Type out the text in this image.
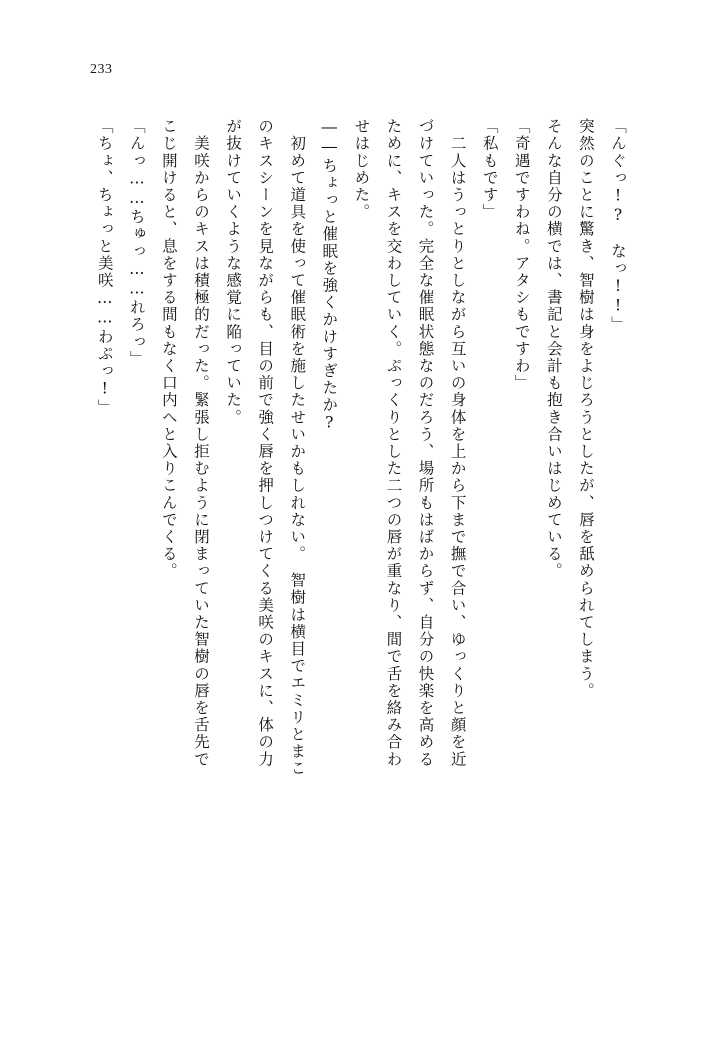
233
「んぐっ!?　なっ!!」
突然のことに驚き、智樹は身をよじろうとしたが、唇を舐められてしまう。
そんな自分の横では、書記と会計も抱き合いはじめている。
「奇遇ですわね。アタシもですわ」
「私もです」
　二人はうっとりとしながら互いの身体を上から下まで撫で合い、ゆっくりと顔を近
づけていった。完全な催眠状態なのだろう、場所もはばからず、自分の快楽を高める
ために、キスを交わしていく。ぷっくりとした二つの唇が重なり、間で舌を絡み合わ
せはじめた。
――ちょっと催眠を強くかけすぎたか?
　初めて道具を使って催眠術を施したせいかもしれない。　智樹は横目でエミリとまこ
のキスシーンを見ながらも、目の前で強く唇を押しつけてくる美咲のキスに、体の力
が抜けていくような感覚に陥っていた。
　美咲からのキスは積極的だった。緊張し拒むように閉まっていた智樹の唇を舌先で
こじ開けると、息をする間もなく口内へと入りこんでくる。
「んっ……ちゅっ……れろっ」
「ちょ、ちょっと美咲……わぷっ!」
